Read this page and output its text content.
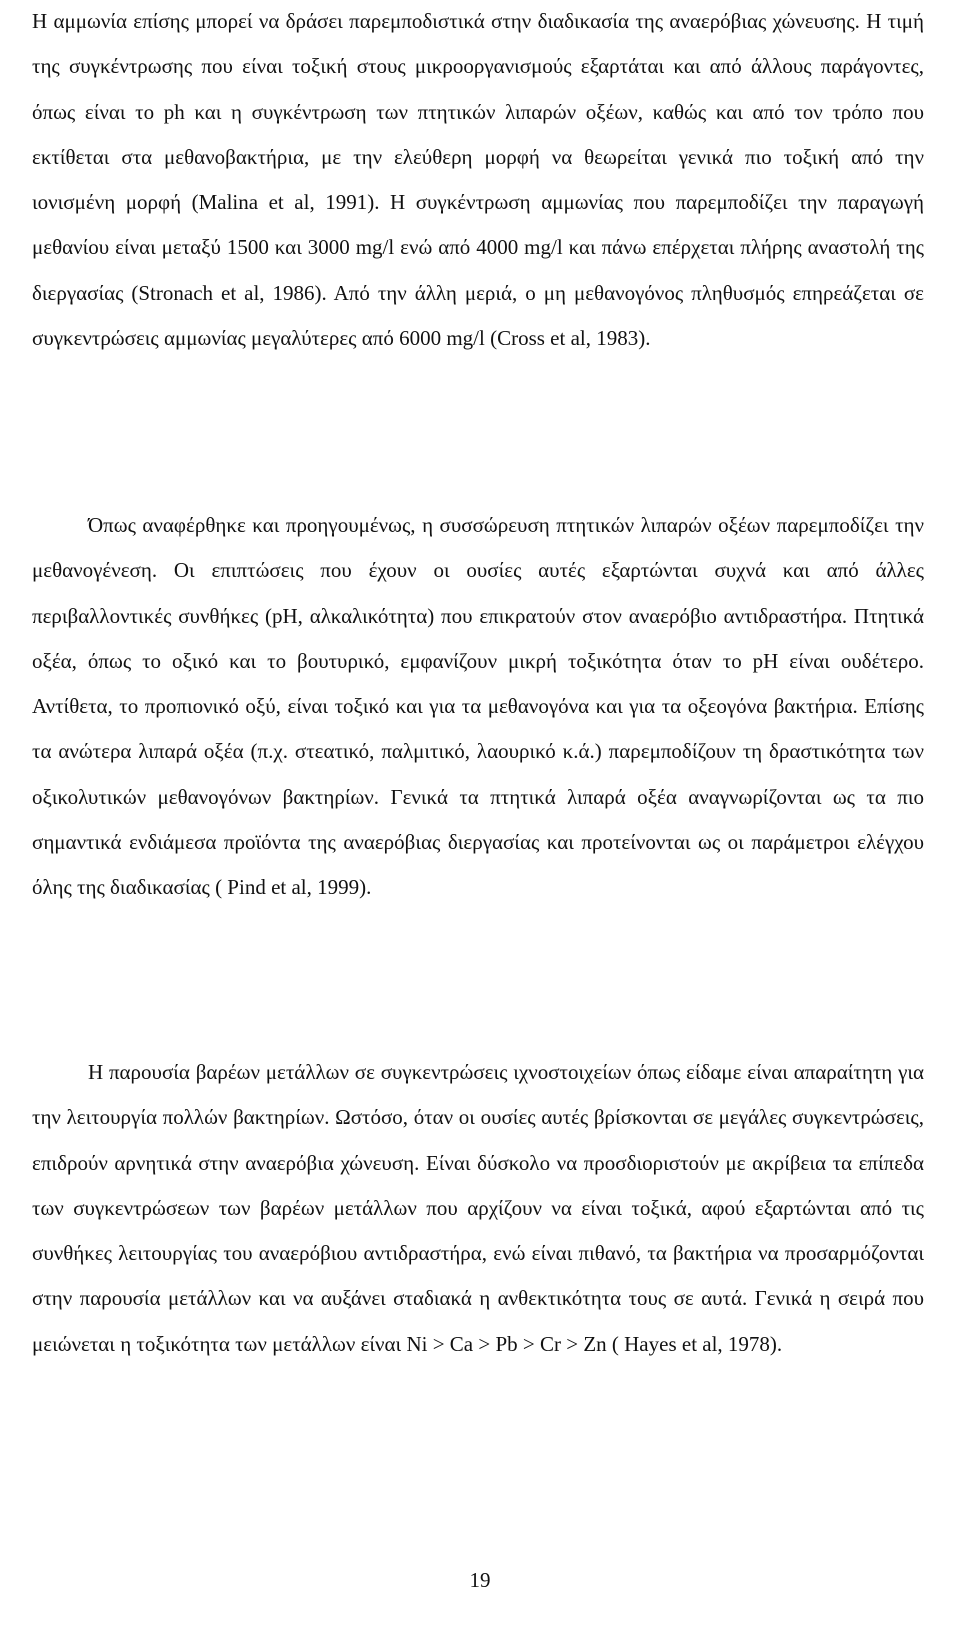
Η αμμωνία επίσης μπορεί να δράσει παρεμποδιστικά στην διαδικασία της αναερόβιας χώνευσης. Η τιμή της συγκέντρωσης που είναι τοξική στους μικροοργανισμούς εξαρτάται και από άλλους παράγοντες, όπως είναι το ph και η συγκέντρωση των πτητικών λιπαρών οξέων, καθώς και από τον τρόπο που εκτίθεται στα μεθανοβακτήρια, με την ελεύθερη μορφή να θεωρείται γενικά πιο τοξική από την ιονισμένη μορφή (Malina et al, 1991). Η συγκέντρωση αμμωνίας που παρεμποδίζει την παραγωγή μεθανίου είναι μεταξύ 1500 και 3000 mg/l ενώ από 4000 mg/l και πάνω επέρχεται πλήρης αναστολή της διεργασίας (Stronach et al, 1986). Από την άλλη μεριά, ο μη μεθανογόνος πληθυσμός επηρεάζεται σε συγκεντρώσεις αμμωνίας μεγαλύτερες από 6000 mg/l (Cross et al, 1983).

Όπως αναφέρθηκε και προηγουμένως, η συσσώρευση πτητικών λιπαρών οξέων παρεμποδίζει την μεθανογένεση. Οι επιπτώσεις που έχουν οι ουσίες αυτές εξαρτώνται συχνά και από άλλες περιβαλλοντικές συνθήκες (pH, αλκαλικότητα) που επικρατούν στον αναερόβιο αντιδραστήρα. Πτητικά οξέα, όπως το οξικό και το βουτυρικό, εμφανίζουν μικρή τοξικότητα όταν το pH είναι ουδέτερο. Αντίθετα, το προπιονικό οξύ, είναι τοξικό και για τα μεθανογόνα και για τα οξεογόνα βακτήρια. Επίσης τα ανώτερα λιπαρά οξέα (π.χ. στεατικό, παλμιτικό, λαουρικό κ.ά.) παρεμποδίζουν τη δραστικότητα των οξικολυτικών μεθανογόνων βακτηρίων. Γενικά τα πτητικά λιπαρά οξέα αναγνωρίζονται ως τα πιο σημαντικά ενδιάμεσα προϊόντα της αναερόβιας διεργασίας και προτείνονται ως οι παράμετροι ελέγχου όλης της διαδικασίας ( Pind et al, 1999).

Η παρουσία βαρέων μετάλλων σε συγκεντρώσεις ιχνοστοιχείων όπως είδαμε είναι απαραίτητη για την λειτουργία πολλών βακτηρίων. Ωστόσο, όταν οι ουσίες αυτές βρίσκονται σε μεγάλες συγκεντρώσεις, επιδρούν αρνητικά στην αναερόβια χώνευση. Είναι δύσκολο να προσδιοριστούν με ακρίβεια τα επίπεδα των συγκεντρώσεων των βαρέων μετάλλων που αρχίζουν να είναι τοξικά, αφού εξαρτώνται από τις συνθήκες λειτουργίας του αναερόβιου αντιδραστήρα, ενώ είναι πιθανό, τα βακτήρια να προσαρμόζονται στην παρουσία μετάλλων και να αυξάνει σταδιακά η ανθεκτικότητα τους σε αυτά. Γενικά η σειρά που μειώνεται η τοξικότητα των μετάλλων είναι Ni > Ca > Pb > Cr > Zn ( Hayes et al, 1978).

19
